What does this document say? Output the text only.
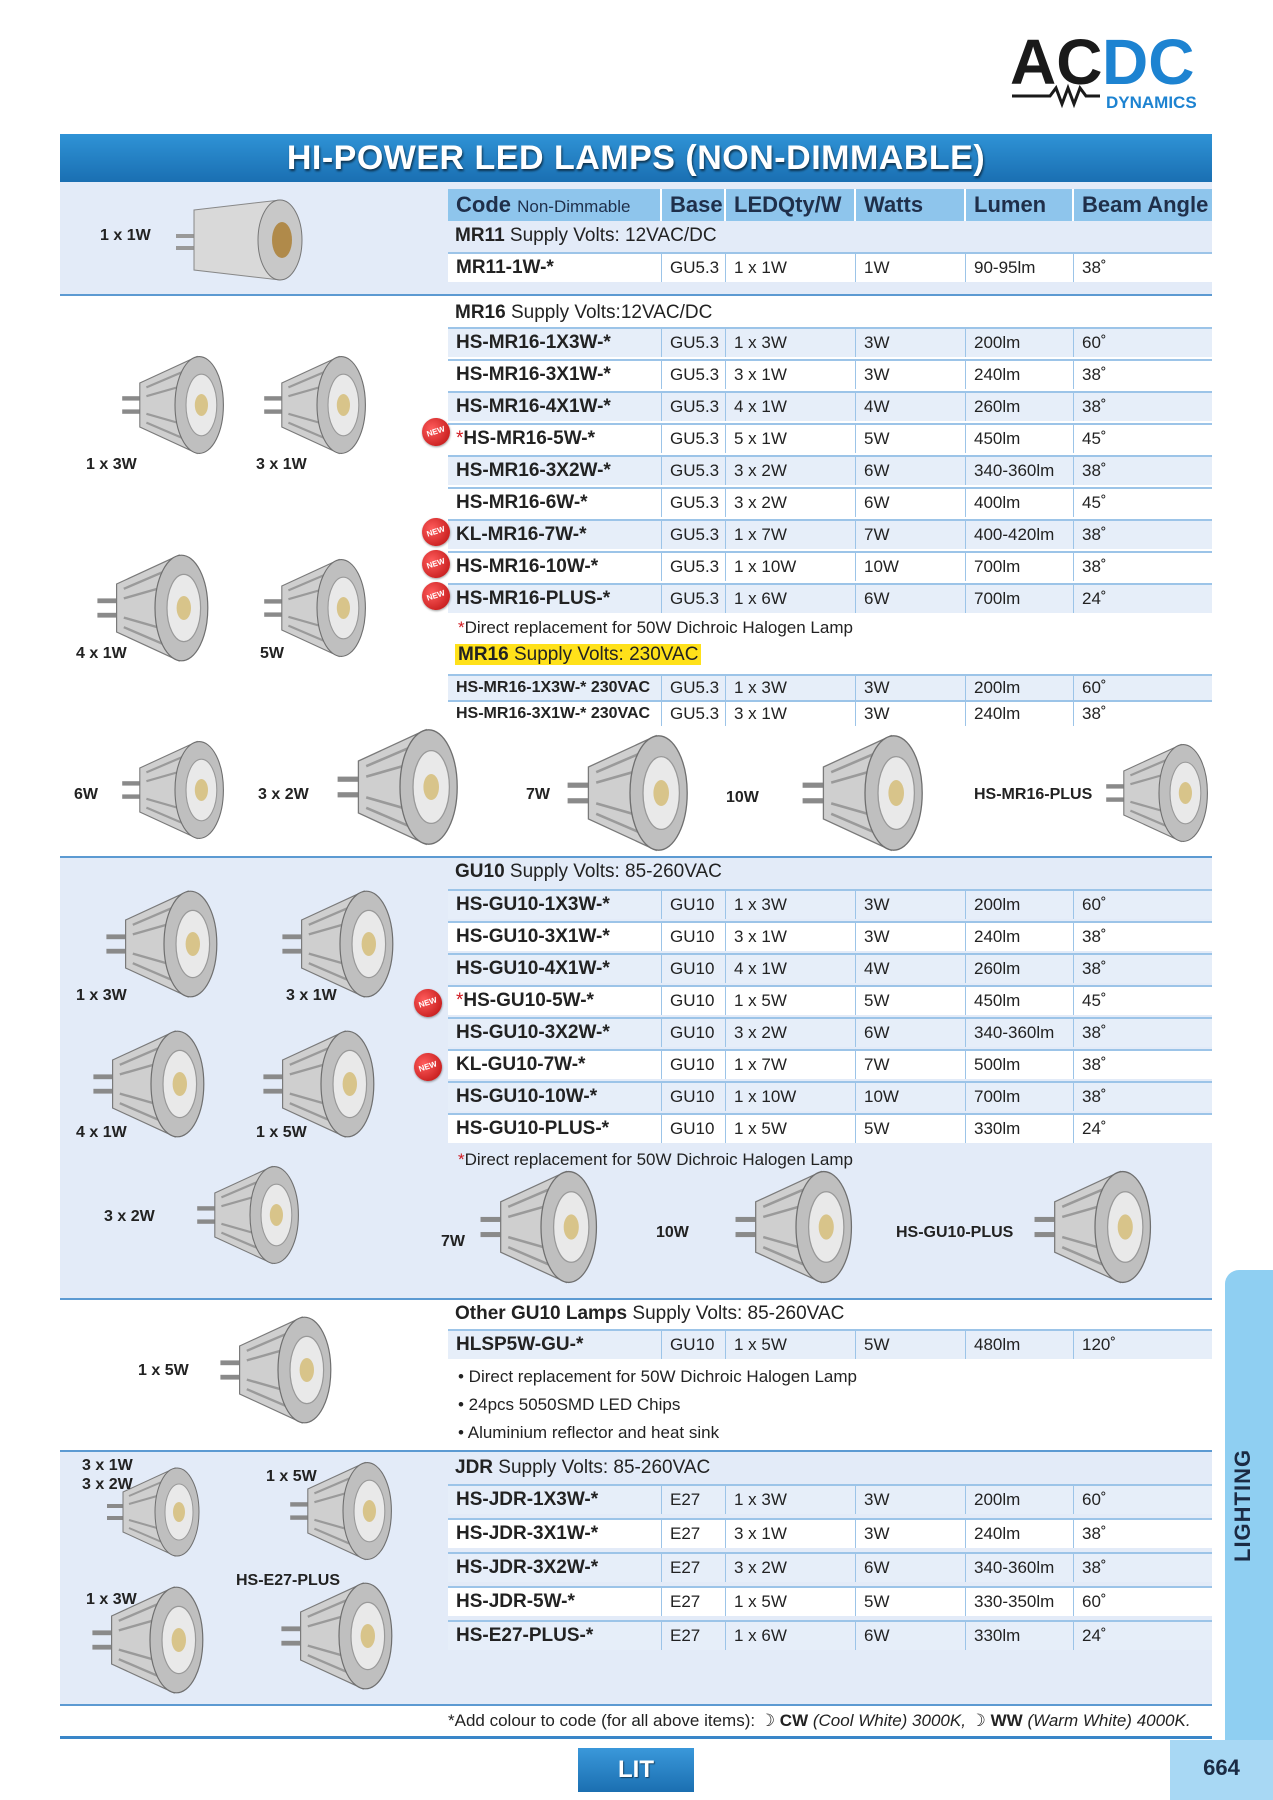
AC DC
DYNAMICS
HI-POWER LED LAMPS (NON-DIMMABLE)
Code Non-Dimmable	Base LEDQty/W	Watts	Lumen	Beam Angle
MR11 Supply Volts: 12VAC/DC
MR16 Supply Volts:12VAC/DC
*Direct replacement for 50W Dichroic Halogen Lamp
MR16 Supply Volts: 230VAC
GU10 Supply Volts: 85-260VAC
*Direct replacement for 50W Dichroic Halogen Lamp
Other GU10 Lamps Supply Volts: 85-260VAC
• Direct replacement for 50W Dichroic Halogen Lamp
• 24pcs 5050SMD LED Chips
• Aluminium reflector and heat sink
JDR Supply Volts: 85-260VAC
MR11-1W-*	GU5.3 1 x 1W	1W	90-95lm	38˚
HS-MR16-1X3W-*	GU5.3 1 x 3W	3W	200lm	60˚
HS-MR16-3X1W-*	GU5.3 3 x 1W	3W	240lm	38˚
HS-MR16-4X1W-*	GU5.3 4 x 1W	4W	260lm	38˚
*HS-MR16-5W-*	GU5.3 5 x 1W	5W	450lm	45˚
HS-MR16-3X2W-*	GU5.3 3 x 2W	6W	340-360lm	38˚
HS-MR16-6W-*	GU5.3 3 x 2W	6W	400lm	45˚
KL-MR16-7W-*	GU5.3 1 x 7W	7W	400-420lm	38˚
HS-MR16-10W-*	GU5.3 1 x 10W	10W	700lm	38˚
HS-MR16-PLUS-*	GU5.3 1 x 6W	6W	700lm	24˚
HS-MR16-1X3W-* 230VAC	GU5.3 1 x 3W	3W	200lm	60˚
HS-MR16-3X1W-* 230VAC	GU5.3 3 x 1W	3W	240lm	38˚
HS-GU10-1X3W-*	GU10	1 x 3W	3W	200lm	60˚
HS-GU10-3X1W-*	GU10	3 x 1W	3W	240lm	38˚
HS-GU10-4X1W-*	GU10	4 x 1W	4W	260lm	38˚
*HS-GU10-5W-*	GU10	1 x 5W	5W	450lm	45˚
HS-GU10-3X2W-*	GU10	3 x 2W	6W	340-360lm	38˚
KL-GU10-7W-*	GU10	1 x 7W	7W	500lm	38˚
HS-GU10-10W-*	GU10	1 x 10W	10W	700lm	38˚
HS-GU10-PLUS-*	GU10	1 x 5W	5W	330lm	24˚
HLSP5W-GU-*	GU10	1 x 5W	5W	480lm	120˚
HS-JDR-1X3W-*	E27	1 x 3W	3W	200lm	60˚
HS-JDR-3X1W-*	E27	3 x 1W	3W	240lm	38˚
HS-JDR-3X2W-*	E27	3 x 2W	6W	340-360lm	38˚
HS-JDR-5W-*	E27	1 x 5W	5W	330-350lm	60˚
HS-E27-PLUS-*	E27	1 x 6W	6W	330lm	24˚
1 x 1W
1 x 3W	3 x 1W
4 x 1W	5W
6W	3 x 2W	7W	10W	HS-MR16-PLUS
1 x 3W	3 x 1W
4 x 1W	1 x 5W
3 x 2W
7W
10W	HS-GU10-PLUS
1 x 5W
3 x 1W
3 x 2W	1 x 5W
HS-E27-PLUS
1 x 3W
NEW
NEW
NEW
NEW
NEW
NEW
*Add colour to code (for all above items): ☽ CW (Cool White) 3000K, ☽ WW (Warm White) 4000K.
LIT
LIGHTING
664
